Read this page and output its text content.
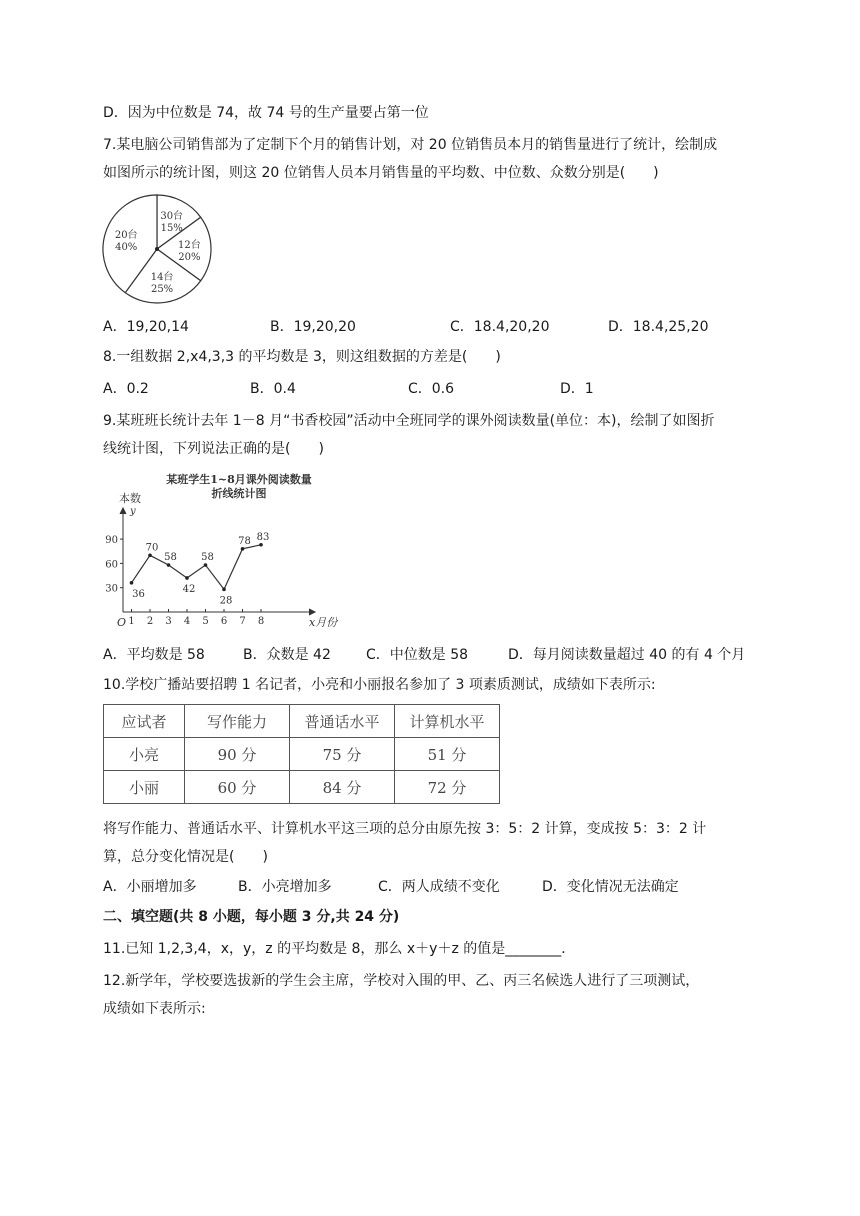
D．因为中位数是 74，故 74 号的生产量要占第一位
7.某电脑公司销售部为了定制下个月的销售计划，对 20 位销售员本月的销售量进行了统计，绘制成
如图所示的统计图，则这 20 位销售人员本月销售量的平均数、中位数、众数分别是(　　)
30台
15%
12台
20%
14台
25%
20台
40%
A．19,20,14	B．19,20,20	C．18.4,20,20	D．18.4,25,20
8.一组数据 2,x4,3,3 的平均数是 3，则这组数据的方差是(　　)
A．0.2	B．0.4	C．0.6	D．1
9.某班班长统计去年 1－8 月“书香校园”活动中全班同学的课外阅读数量(单位：本)，绘制了如图折
线统计图，下列说法正确的是(　　)
某班学生1~8月课外阅读数量
折线统计图
本数
y
O	x月份
30
60
90
1 2 3 4 5 6 7 8
36
70
58
42
58
28
78 83
A．平均数是 58	B．众数是 42	C．中位数是 58	D．每月阅读数量超过 40 的有 4 个月
10.学校广播站要招聘 1 名记者，小亮和小丽报名参加了 3 项素质测试，成绩如下表所示:
应试者	写作能力	普通话水平	计算机水平
小亮	90 分	75 分	51 分
小丽	60 分	84 分	72 分
将写作能力、普通话水平、计算机水平这三项的总分由原先按 3：5：2 计算，变成按 5：3：2 计
算，总分变化情况是(　　)
A．小丽增加多	B．小亮增加多	C．两人成绩不变化	D．变化情况无法确定
二、填空题(共 8 小题，每小题 3 分,共 24 分)
11.已知 1,2,3,4，x，y，z 的平均数是 8，那么 x＋y＋z 的值是________．
12.新学年，学校要选拔新的学生会主席，学校对入围的甲、乙、丙三名候选人进行了三项测试，
成绩如下表所示:
